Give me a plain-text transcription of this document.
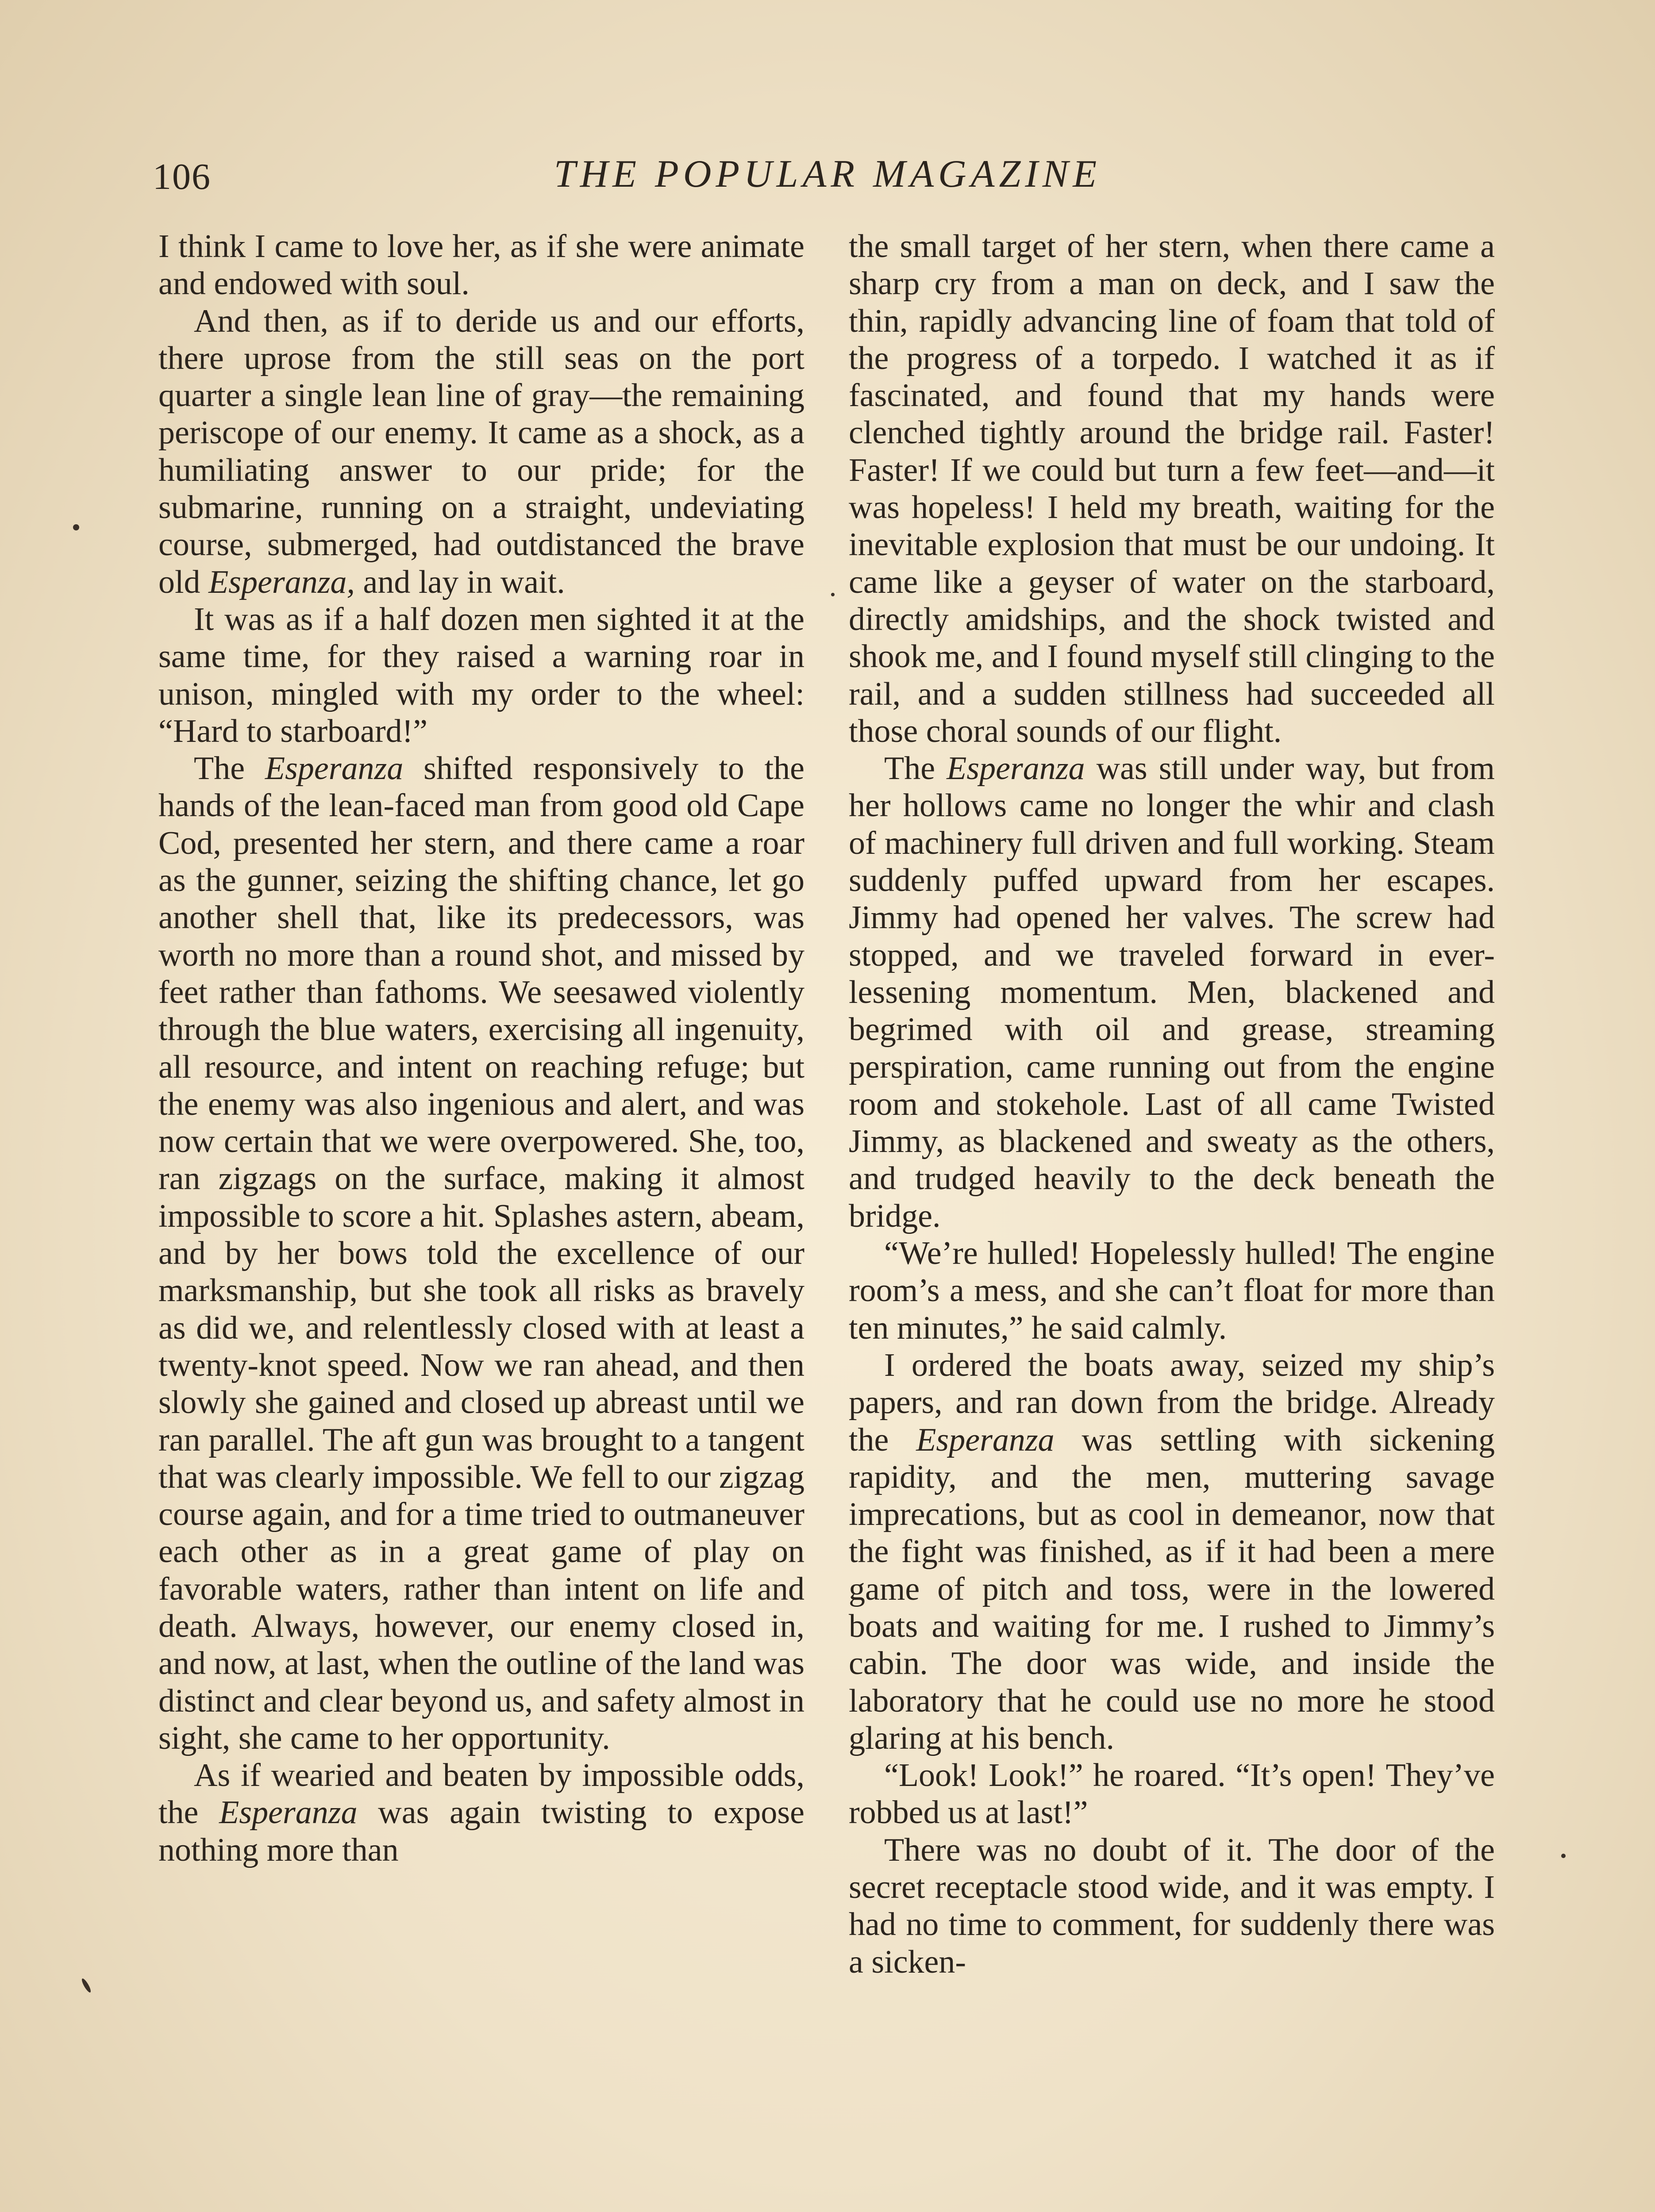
106	THE POPULAR MAGAZINE

I think I came to love her, as if she were animate and endowed with soul.

And then, as if to deride us and our efforts, there uprose from the still seas on the port quarter a single lean line of gray—the remaining periscope of our enemy. It came as a shock, as a humiliating answer to our pride; for the submarine, running on a straight, undeviating course, submerged, had outdistanced the brave old Esperanza, and lay in wait.

It was as if a half dozen men sighted it at the same time, for they raised a warning roar in unison, mingled with my order to the wheel: “Hard to starboard!”

The Esperanza shifted responsively to the hands of the lean-faced man from good old Cape Cod, presented her stern, and there came a roar as the gunner, seizing the shifting chance, let go another shell that, like its predecessors, was worth no more than a round shot, and missed by feet rather than fathoms. We seesawed violently through the blue waters, exercising all ingenuity, all resource, and intent on reaching refuge; but the enemy was also ingenious and alert, and was now certain that we were overpowered. She, too, ran zigzags on the surface, making it almost impossible to score a hit. Splashes astern, abeam, and by her bows told the excellence of our marksmanship, but she took all risks as bravely as did we, and relentlessly closed with at least a twenty-knot speed. Now we ran ahead, and then slowly she gained and closed up abreast until we ran parallel. The aft gun was brought to a tangent that was clearly impossible. We fell to our zigzag course again, and for a time tried to outmaneuver each other as in a great game of play on favorable waters, rather than intent on life and death. Always, however, our enemy closed in, and now, at last, when the outline of the land was distinct and clear beyond us, and safety almost in sight, she came to her opportunity.

As if wearied and beaten by impossible odds, the Esperanza was again twisting to expose nothing more than

the small target of her stern, when there came a sharp cry from a man on deck, and I saw the thin, rapidly advancing line of foam that told of the progress of a torpedo. I watched it as if fascinated, and found that my hands were clenched tightly around the bridge rail. Faster! Faster! If we could but turn a few feet—and—it was hopeless! I held my breath, waiting for the inevitable explosion that must be our undoing. It came like a geyser of water on the starboard, directly amidships, and the shock twisted and shook me, and I found myself still clinging to the rail, and a sudden stillness had succeeded all those choral sounds of our flight.

The Esperanza was still under way, but from her hollows came no longer the whir and clash of machinery full driven and full working. Steam suddenly puffed upward from her escapes. Jimmy had opened her valves. The screw had stopped, and we traveled forward in ever-lessening momentum. Men, blackened and begrimed with oil and grease, streaming perspiration, came running out from the engine room and stokehole. Last of all came Twisted Jimmy, as blackened and sweaty as the others, and trudged heavily to the deck beneath the bridge.

“We’re hulled! Hopelessly hulled! The engine room’s a mess, and she can’t float for more than ten minutes,” he said calmly.

I ordered the boats away, seized my ship’s papers, and ran down from the bridge. Already the Esperanza was settling with sickening rapidity, and the men, muttering savage imprecations, but as cool in demeanor, now that the fight was finished, as if it had been a mere game of pitch and toss, were in the lowered boats and waiting for me. I rushed to Jimmy’s cabin. The door was wide, and inside the laboratory that he could use no more he stood glaring at his bench.

“Look! Look!” he roared. “It’s open! They’ve robbed us at last!”

There was no doubt of it. The door of the secret receptacle stood wide, and it was empty. I had no time to comment, for suddenly there was a sicken-
